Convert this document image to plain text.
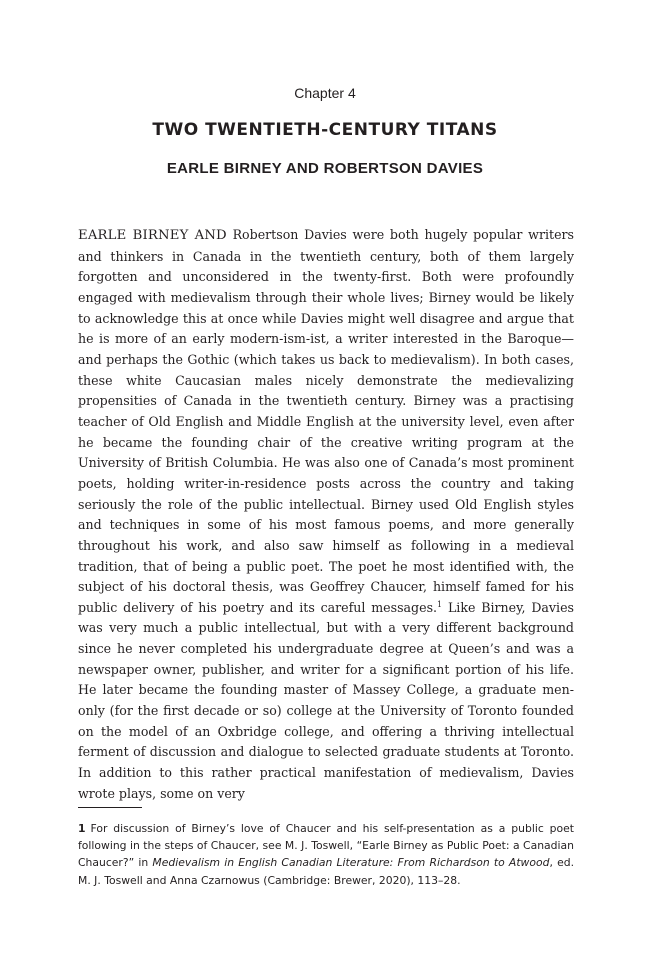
Chapter 4
TWO TWENTIETH-CENTURY TITANS
EARLE BIRNEY AND ROBERTSON DAVIES

EARLE BIRNEY AND Robertson Davies were both hugely popular writers and thinkers in Canada in the twentieth century, both of them largely forgotten and unconsidered in the twenty-first. Both were profoundly engaged with medievalism through their whole lives; Birney would be likely to acknowledge this at once while Davies might well disagree and argue that he is more of an early modern-ism-ist, a writer interested in the Baroque—and perhaps the Gothic (which takes us back to medievalism). In both cases, these white Caucasian males nicely demonstrate the medievalizing propensities of Canada in the twentieth century. Birney was a practising teacher of Old English and Middle English at the university level, even after he became the founding chair of the creative writing program at the University of British Columbia. He was also one of Canada’s most prominent poets, holding writer-in-residence posts across the country and taking seriously the role of the public intellectual. Birney used Old English styles and techniques in some of his most famous poems, and more generally throughout his work, and also saw himself as following in a medieval tradition, that of being a public poet. The poet he most identified with, the subject of his doctoral thesis, was Geoffrey Chaucer, himself famed for his public delivery of his poetry and its careful messages.$^1$ Like Birney, Davies was very much a public intellectual, but with a very different background since he never completed his undergraduate degree at Queen’s and was a newspaper owner, publisher, and writer for a significant portion of his life. He later became the founding master of Massey College, a graduate men-only (for the first decade or so) college at the University of Toronto founded on the model of an Oxbridge college, and offering a thriving intellectual ferment of discussion and dialogue to selected graduate students at Toronto. In addition to this rather practical manifestation of medievalism, Davies wrote plays, some on very

1 For discussion of Birney’s love of Chaucer and his self-presentation as a public poet following in the steps of Chaucer, see M. J. Toswell, “Earle Birney as Public Poet: a Canadian Chaucer?” in Medievalism in English Canadian Literature: From Richardson to Atwood, ed. M. J. Toswell and Anna Czarnowus (Cambridge: Brewer, 2020), 113–28.
